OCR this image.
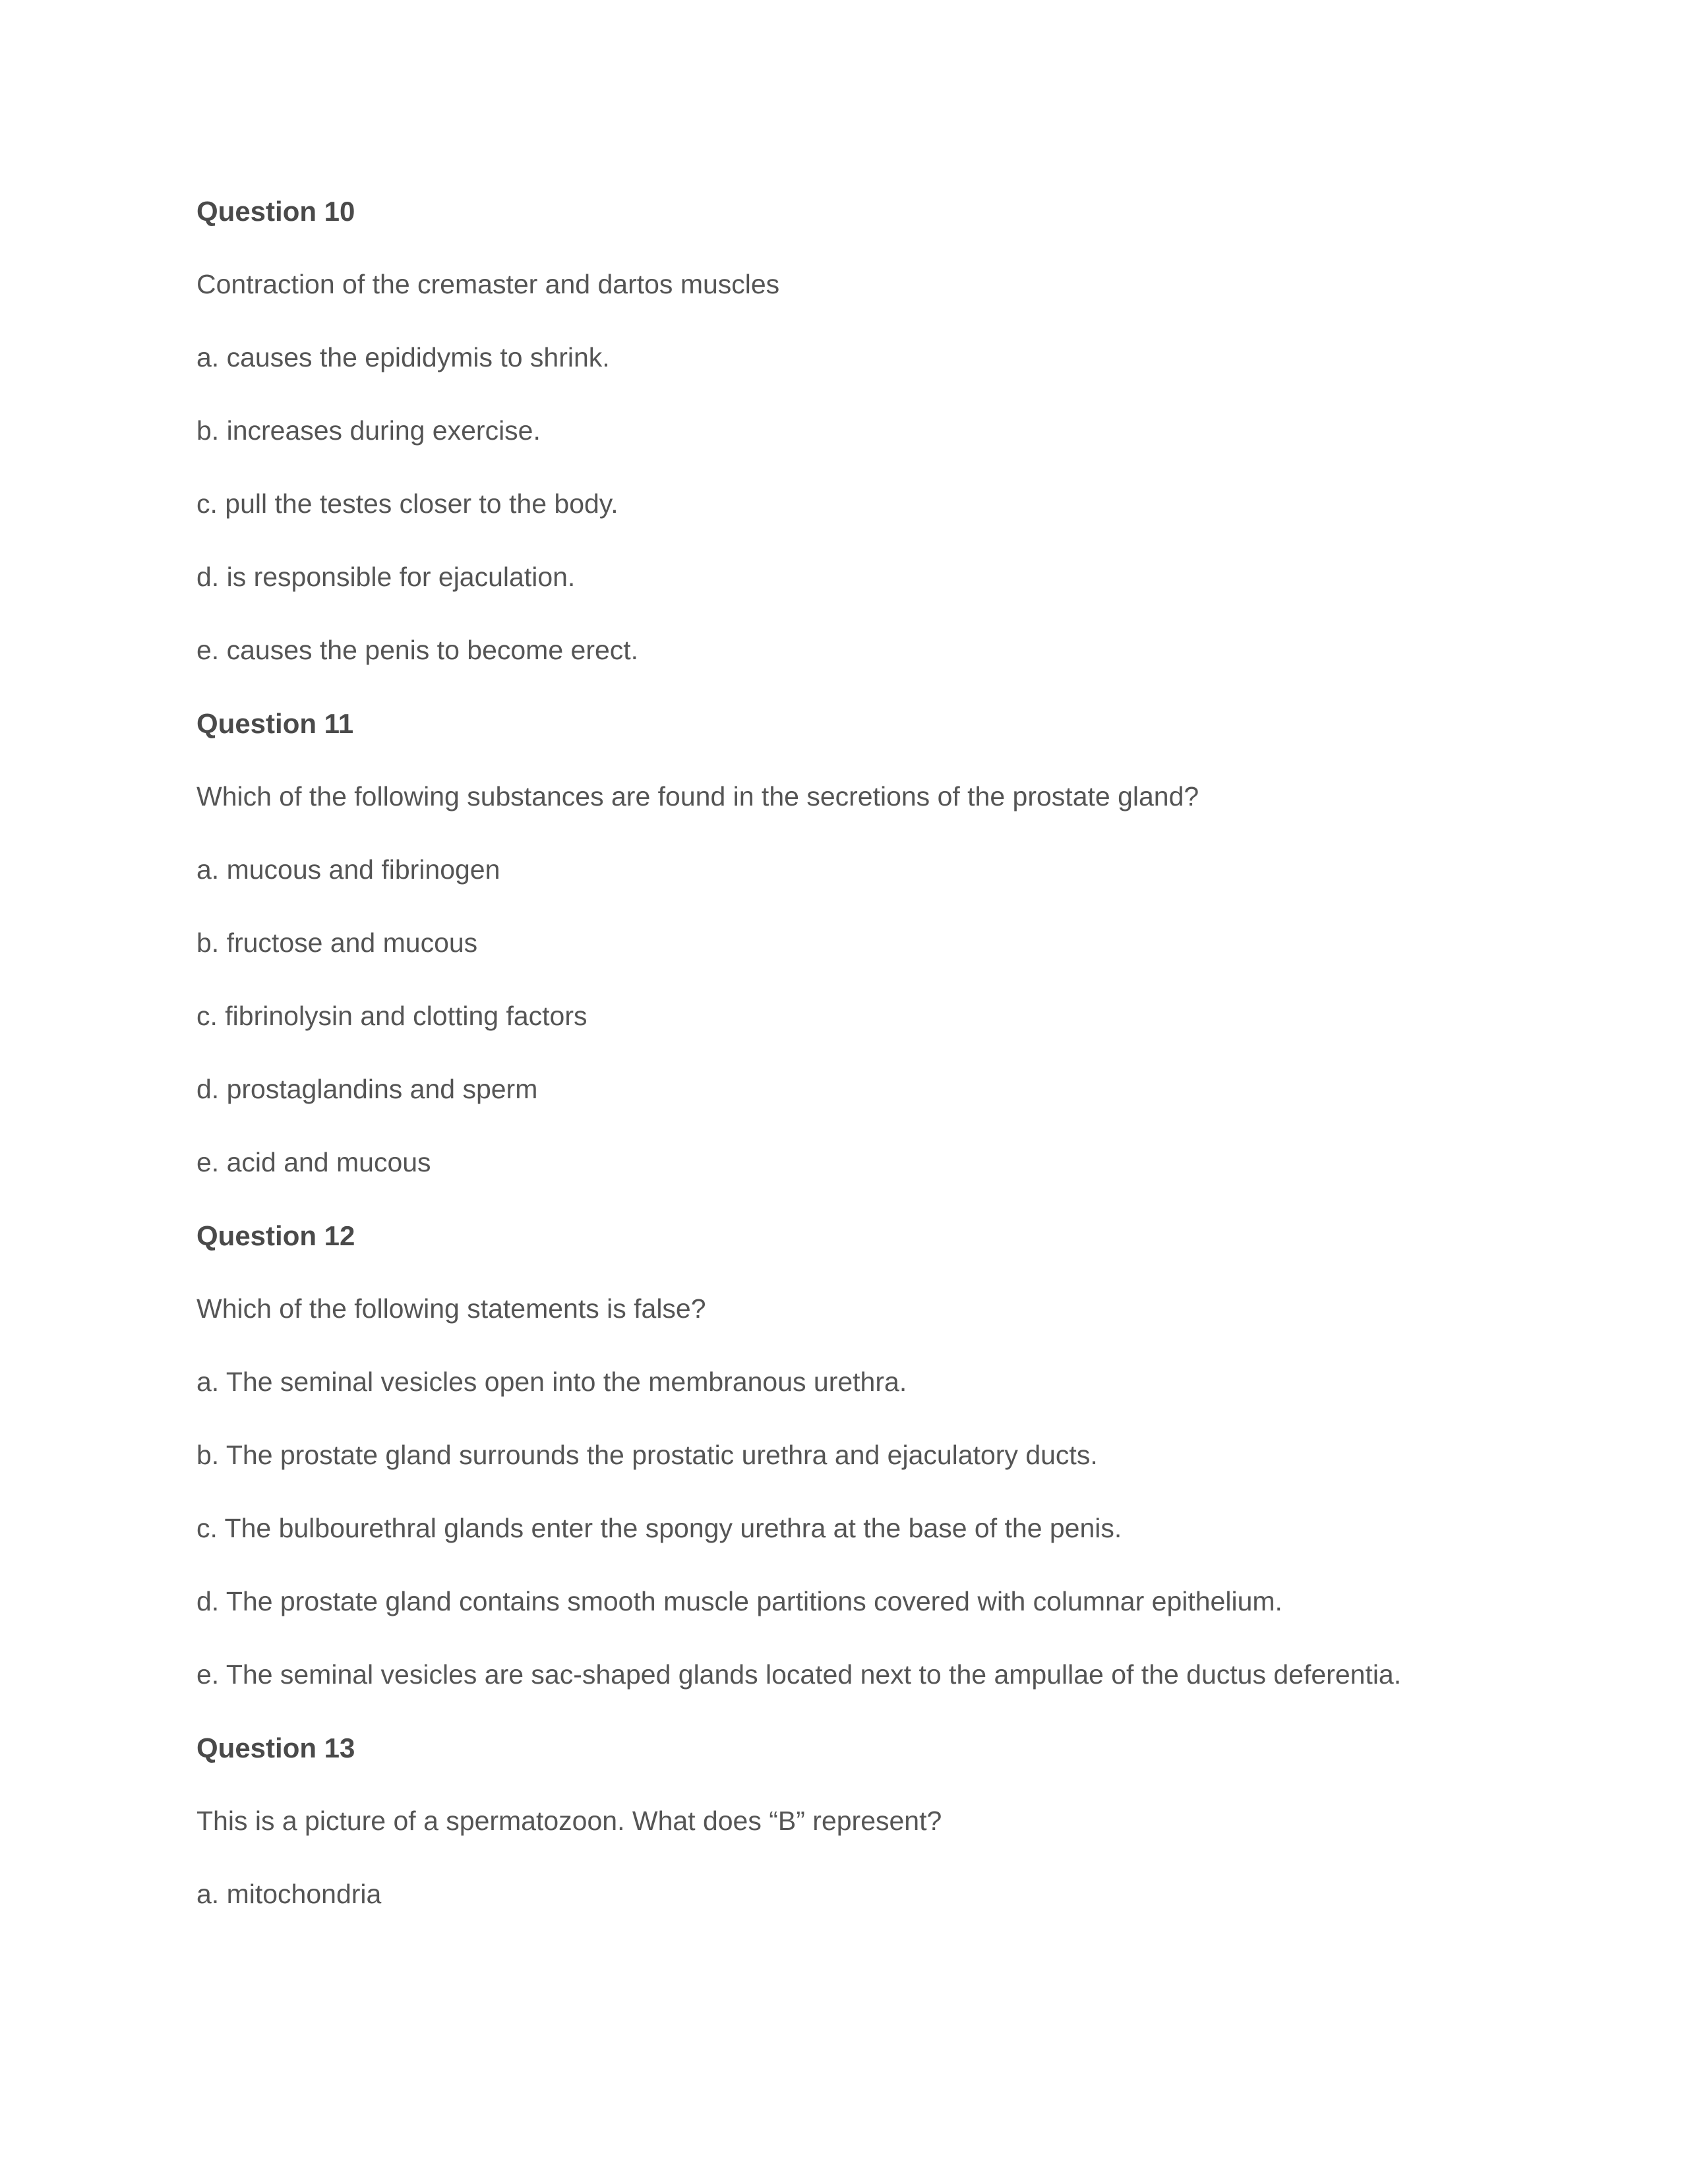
Question 10
Contraction of the cremaster and dartos muscles
a. causes the epididymis to shrink.
b. increases during exercise.
c. pull the testes closer to the body.
d. is responsible for ejaculation.
e. causes the penis to become erect.
Question 11
Which of the following substances are found in the secretions of the prostate gland?
a. mucous and fibrinogen
b. fructose and mucous
c. fibrinolysin and clotting factors
d. prostaglandins and sperm
e. acid and mucous
Question 12
Which of the following statements is false?
a. The seminal vesicles open into the membranous urethra.
b. The prostate gland surrounds the prostatic urethra and ejaculatory ducts.
c. The bulbourethral glands enter the spongy urethra at the base of the penis.
d. The prostate gland contains smooth muscle partitions covered with columnar epithelium.
e. The seminal vesicles are sac-shaped glands located next to the ampullae of the ductus deferentia.
Question 13
This is a picture of a spermatozoon. What does “B” represent?
a. mitochondria
